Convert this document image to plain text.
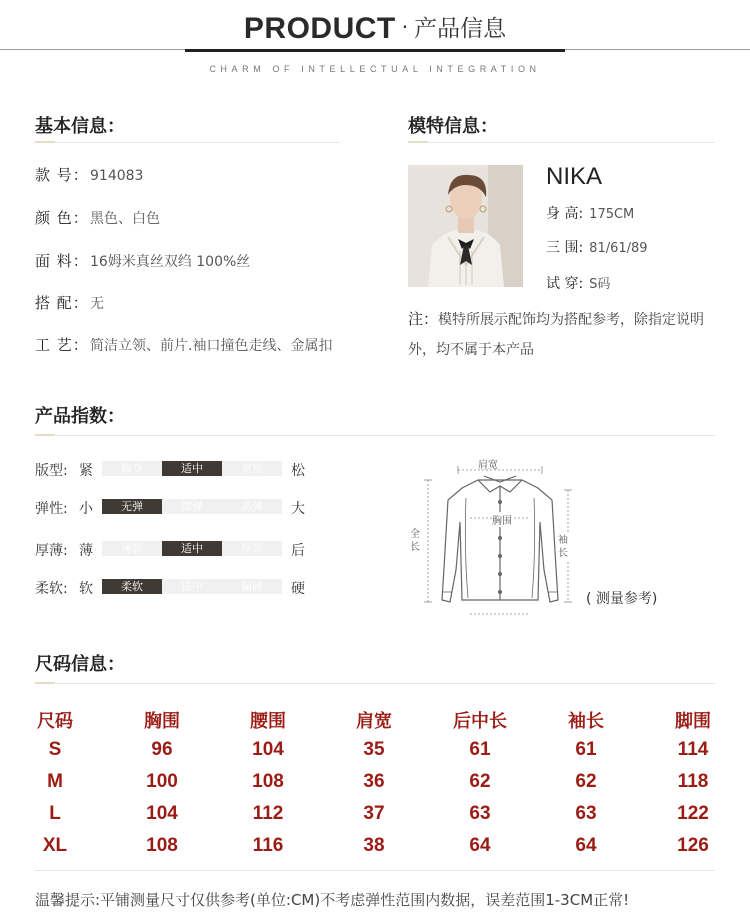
PRODUCT · 产品信息
CHARM OF INTELLECTUAL INTEGRATION
基本信息：
款 号：914083
颜 色：黑色、白色
面 料：16姆米真丝双绉 100%丝
搭 配：无
工 艺：简洁立领、前片.袖口撞色走线、金属扣
模特信息：
NIKA
身 高: 175CM
三 围: 81/61/89
试 穿: S码
注：模特所展示配饰均为搭配参考，除指定说明外，均不属于本产品
产品指数：
版型: 紧	修身	适中	宽松	松
弹性: 小	无弹	微弹	高弹	大
厚薄: 薄	薄款	适中	厚款	后
柔软: 软	柔软	适中	偏硬	硬
肩宽
胸围
全长
袖长
( 测量参考)
尺码信息：
尺码	胸围	腰围	肩宽	后中长	袖长	脚围
S	96	104	35	61	61	114
M	100	108	36	62	62	118
L	104	112	37	63	63	122
XL	108	116	38	64	64	126
温馨提示:平铺测量尺寸仅供参考(单位:CM)不考虑弹性范围内数据，误差范围1-3CM正常!
